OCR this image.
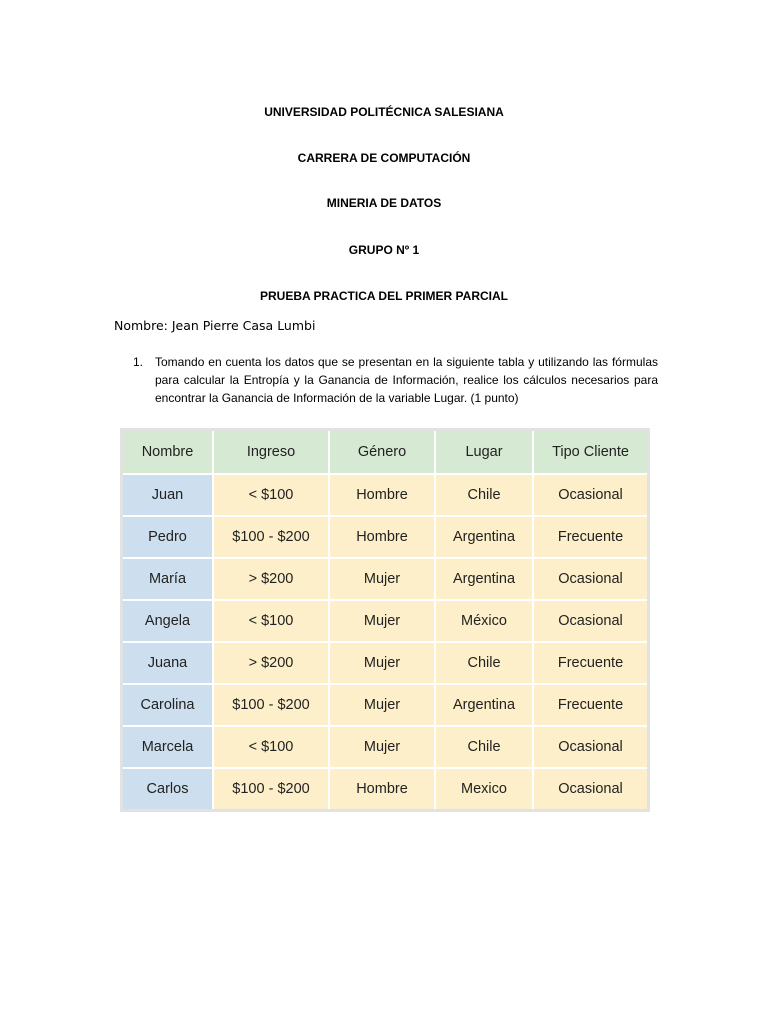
UNIVERSIDAD POLITÉCNICA SALESIANA
CARRERA DE COMPUTACIÓN
MINERIA DE DATOS
GRUPO Nº 1
PRUEBA PRACTICA DEL PRIMER PARCIAL
Nombre: Jean Pierre Casa Lumbi
1. Tomando en cuenta los datos que se presentan en la siguiente tabla y utilizando las fórmulas para calcular la Entropía y la Ganancia de Información, realice los cálculos necesarios para encontrar la Ganancia de Información de la variable Lugar. (1 punto)
Nombre	Ingreso	Género	Lugar	Tipo Cliente
Juan	< $100	Hombre	Chile	Ocasional
Pedro	$100 - $200	Hombre	Argentina	Frecuente
María	> $200	Mujer	Argentina	Ocasional
Angela	< $100	Mujer	México	Ocasional
Juana	> $200	Mujer	Chile	Frecuente
Carolina	$100 - $200	Mujer	Argentina	Frecuente
Marcela	< $100	Mujer	Chile	Ocasional
Carlos	$100 - $200	Hombre	Mexico	Ocasional
